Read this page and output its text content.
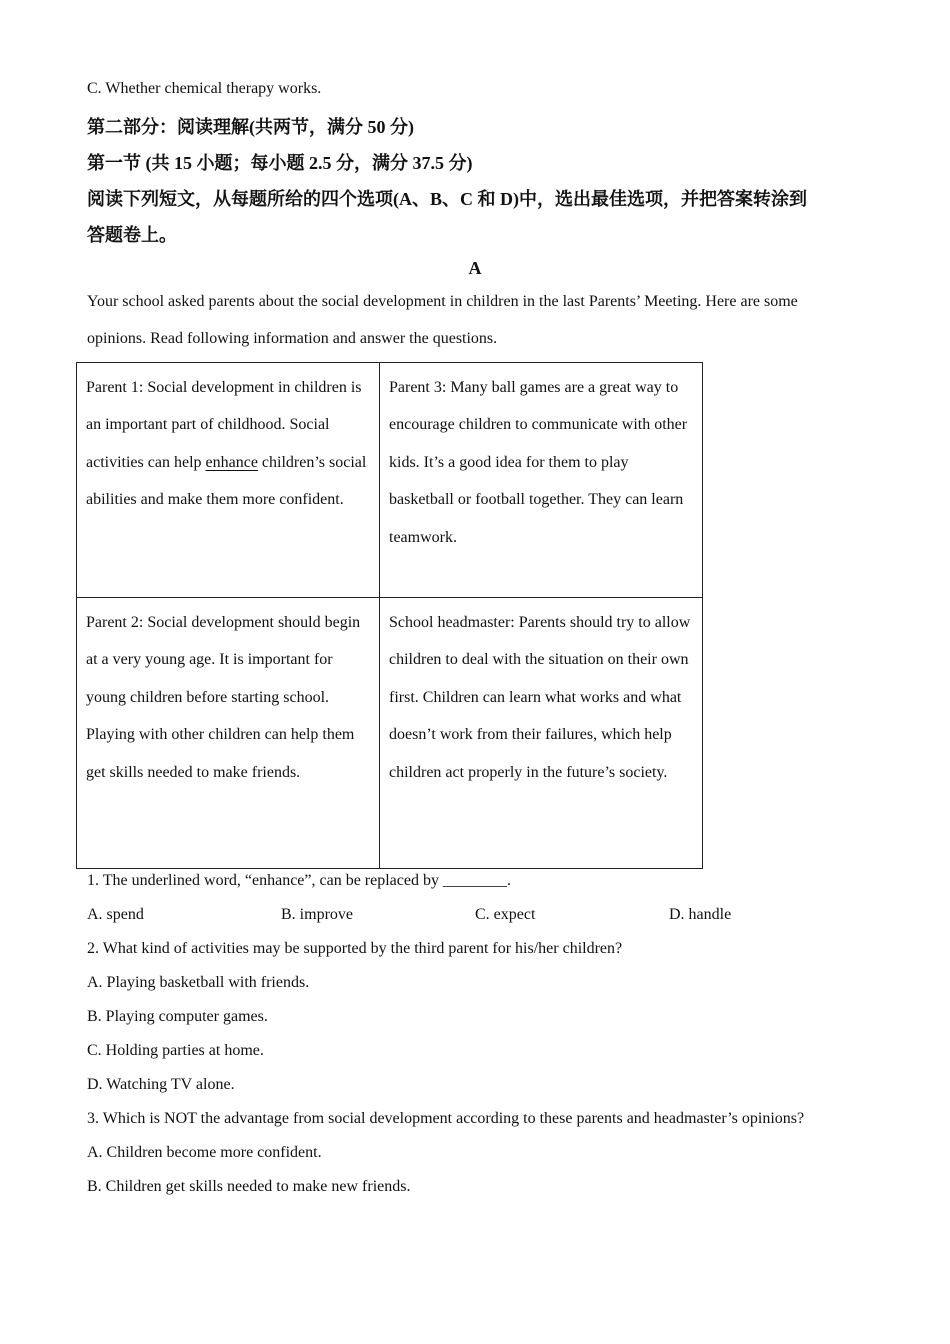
C. Whether chemical therapy works.
第二部分：阅读理解(共两节，满分 50 分)
第一节 (共 15 小题；每小题 2.5 分，满分 37.5 分)
阅读下列短文，从每题所给的四个选项(A、B、C 和 D)中，选出最佳选项，并把答案转涂到
答题卷上。
A
Your school asked parents about the social development in children in the last Parents’ Meeting. Here are some
opinions. Read following information and answer the questions.
Parent 1: Social development in children is an important part of childhood. Social activities can help enhance children’s social abilities and make them more confident.	Parent 3: Many ball games are a great way to encourage children to communicate with other kids. It’s a good idea for them to play basketball or football together. They can learn teamwork.
Parent 2: Social development should begin at a very young age. It is important for young children before starting school. Playing with other children can help them get skills needed to make friends.	School headmaster: Parents should try to allow children to deal with the situation on their own first. Children can learn what works and what doesn’t work from their failures, which help children act properly in the future’s society.
1. The underlined word, “enhance”, can be replaced by ________.
A. spend	B. improve	C. expect	D. handle
2. What kind of activities may be supported by the third parent for his/her children?
A. Playing basketball with friends.
B. Playing computer games.
C. Holding parties at home.
D. Watching TV alone.
3. Which is NOT the advantage from social development according to these parents and headmaster’s opinions?
A. Children become more confident.
B. Children get skills needed to make new friends.
